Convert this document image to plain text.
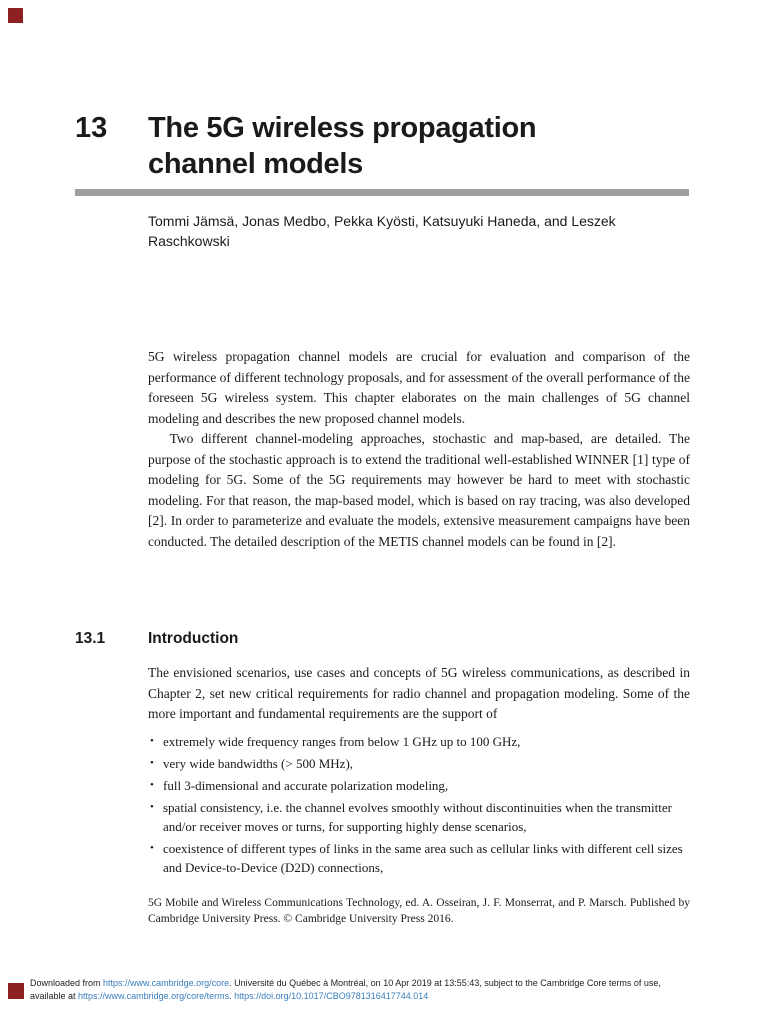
13	The 5G wireless propagation channel models
Tommi Jämsä, Jonas Medbo, Pekka Kyösti, Katsuyuki Haneda, and Leszek Raschkowski

5G wireless propagation channel models are crucial for evaluation and comparison of the performance of different technology proposals, and for assessment of the overall performance of the foreseen 5G wireless system. This chapter elaborates on the main challenges of 5G channel modeling and describes the new proposed channel models.

Two different channel-modeling approaches, stochastic and map-based, are detailed. The purpose of the stochastic approach is to extend the traditional well-established WINNER [1] type of modeling for 5G. Some of the 5G requirements may however be hard to meet with stochastic modeling. For that reason, the map-based model, which is based on ray tracing, was also developed [2]. In order to parameterize and evaluate the models, extensive measurement campaigns have been conducted. The detailed description of the METIS channel models can be found in [2].

13.1	Introduction

The envisioned scenarios, use cases and concepts of 5G wireless communications, as described in Chapter 2, set new critical requirements for radio channel and propagation modeling. Some of the more important and fundamental requirements are the support of

• extremely wide frequency ranges from below 1 GHz up to 100 GHz,
• very wide bandwidths (> 500 MHz),
• full 3-dimensional and accurate polarization modeling,
• spatial consistency, i.e. the channel evolves smoothly without discontinuities when the transmitter and/or receiver moves or turns, for supporting highly dense scenarios,
• coexistence of different types of links in the same area such as cellular links with different cell sizes and Device-to-Device (D2D) connections,
5G Mobile and Wireless Communications Technology, ed. A. Osseiran, J. F. Monserrat, and P. Marsch. Published by Cambridge University Press. © Cambridge University Press 2016.
Downloaded from https://www.cambridge.org/core. Université du Québec à Montréal, on 10 Apr 2019 at 13:55:43, subject to the Cambridge Core terms of use,
available at https://www.cambridge.org/core/terms. https://doi.org/10.1017/CBO9781316417744.014
